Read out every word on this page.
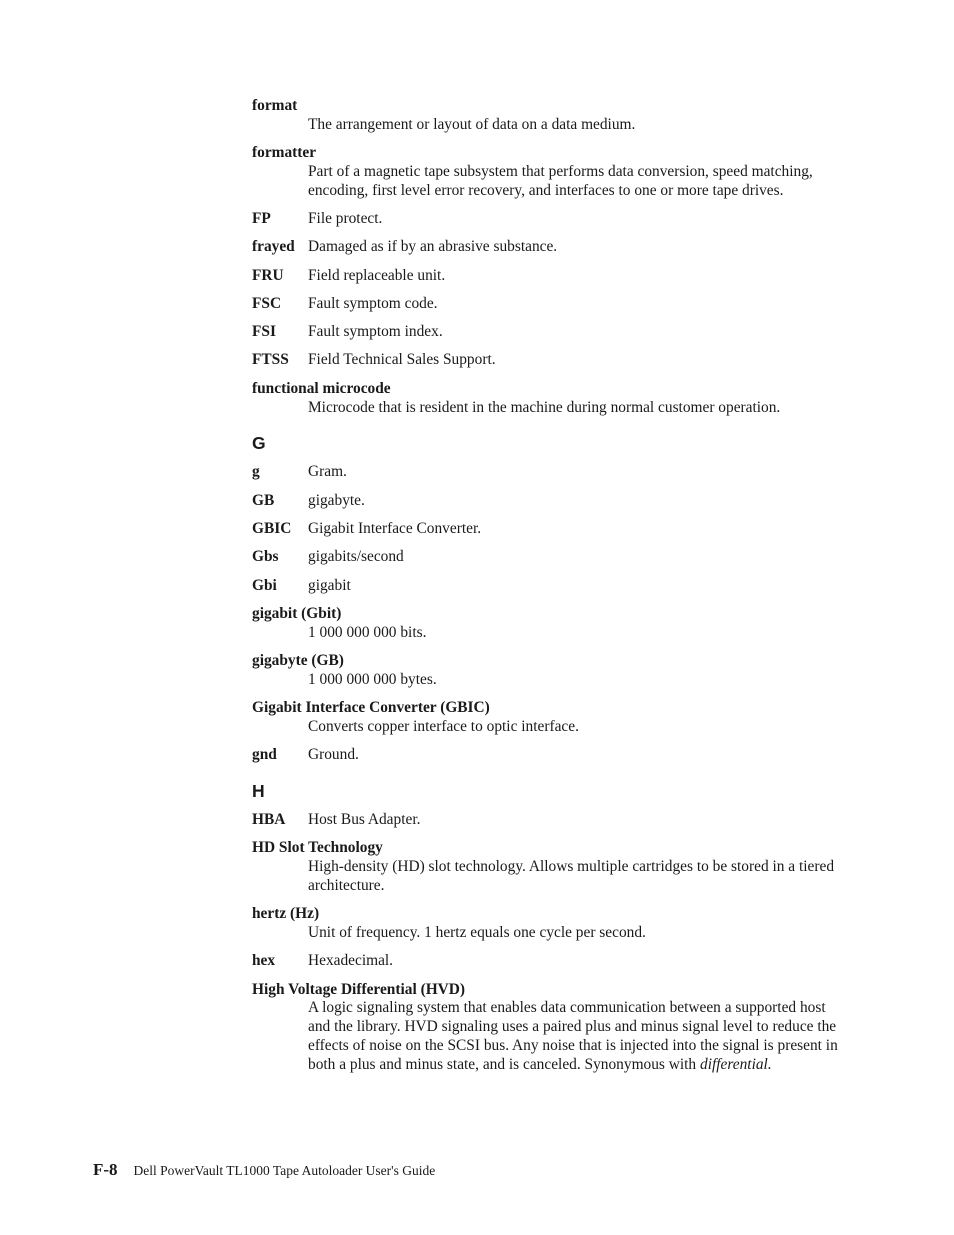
format
The arrangement or layout of data on a data medium.
formatter
Part of a magnetic tape subsystem that performs data conversion, speed matching, encoding, first level error recovery, and interfaces to one or more tape drives.
FP	File protect.
frayed Damaged as if by an abrasive substance.
FRU	Field replaceable unit.
FSC	Fault symptom code.
FSI	Fault symptom index.
FTSS	Field Technical Sales Support.
functional microcode
Microcode that is resident in the machine during normal customer operation.
G
g	Gram.
GB	gigabyte.
GBIC	Gigabit Interface Converter.
Gbs	gigabits/second
Gbi	gigabit
gigabit (Gbit)
1 000 000 000 bits.
gigabyte (GB)
1 000 000 000 bytes.
Gigabit Interface Converter (GBIC)
Converts copper interface to optic interface.
gnd	Ground.
H
HBA	Host Bus Adapter.
HD Slot Technology
High-density (HD) slot technology. Allows multiple cartridges to be stored in a tiered architecture.
hertz (Hz)
Unit of frequency. 1 hertz equals one cycle per second.
hex	Hexadecimal.
High Voltage Differential (HVD)
A logic signaling system that enables data communication between a supported host and the library. HVD signaling uses a paired plus and minus signal level to reduce the effects of noise on the SCSI bus. Any noise that is injected into the signal is present in both a plus and minus state, and is canceled. Synonymous with differential.
F-8 Dell PowerVault TL1000 Tape Autoloader User's Guide
